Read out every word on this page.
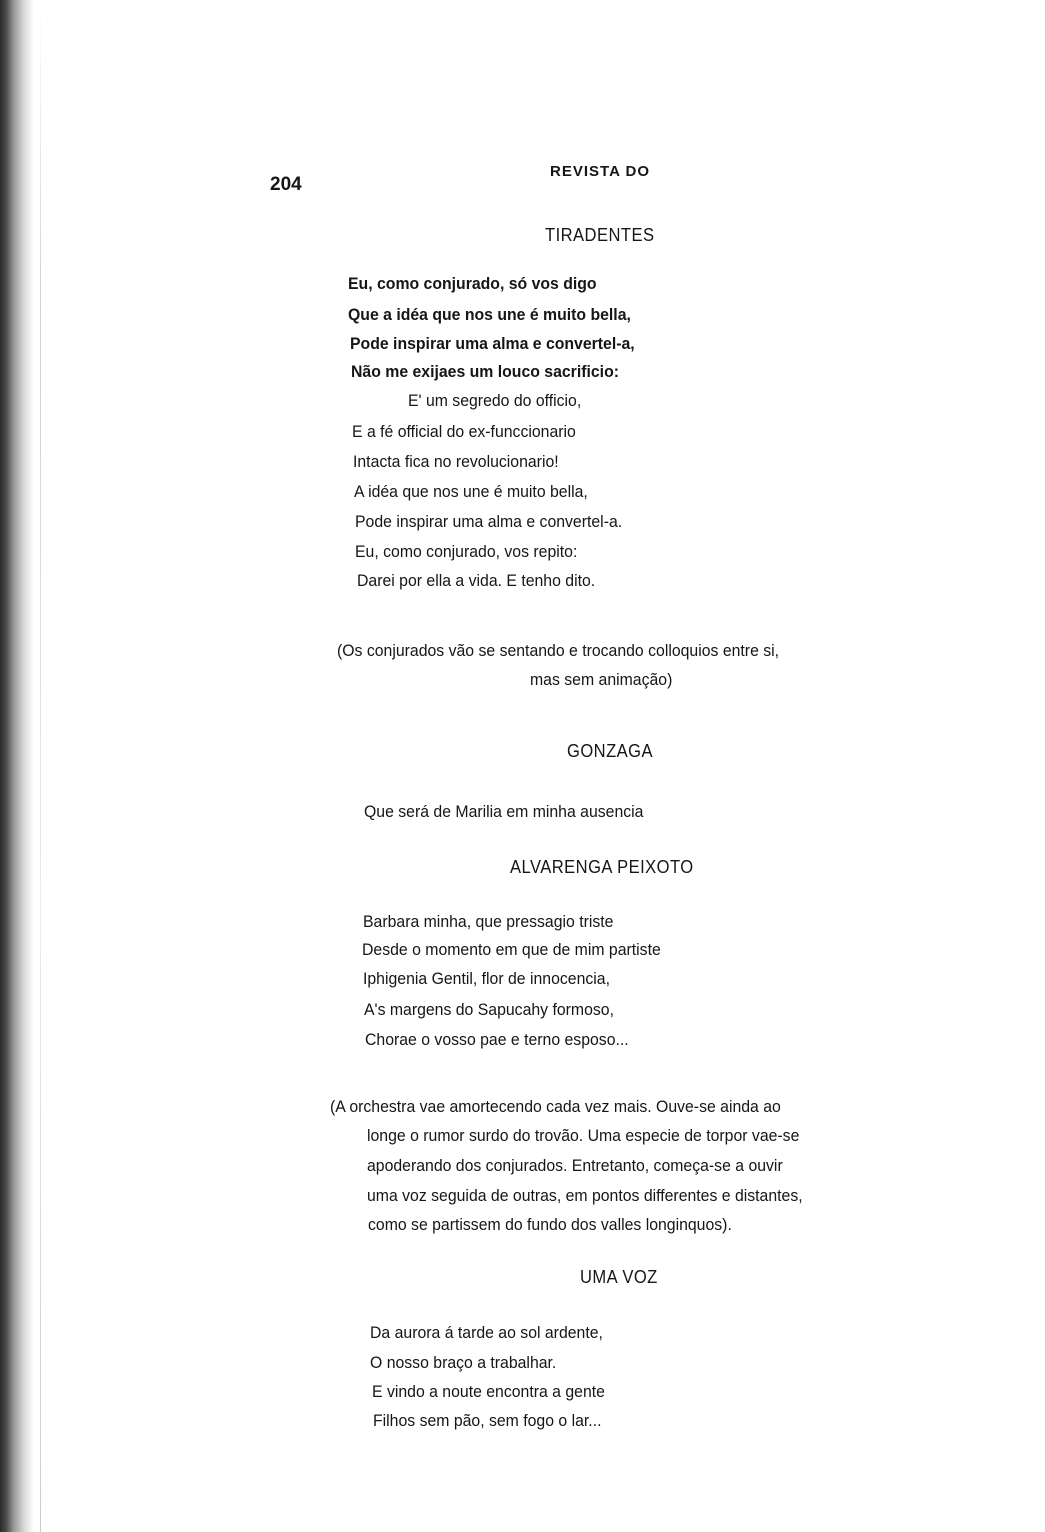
204
REVISTA DO
TIRADENTES
Eu, como conjurado, só vos digo
Que a idéa que nos une é muito bella,
Pode inspirar uma alma e convertel-a,
Não me exijaes um louco sacrificio:
E' um segredo do officio,
E a fé official do ex-funccionario
Intacta fica no revolucionario!
A idéa que nos une é muito bella,
Pode inspirar uma alma e convertel-a.
Eu, como conjurado, vos repito:
Darei por ella a vida. E tenho dito.
(Os conjurados vão se sentando e trocando colloquios entre si,
mas sem animação)
GONZAGA
Que será de Marilia em minha ausencia
ALVARENGA PEIXOTO
Barbara minha, que pressagio triste
Desde o momento em que de mim partiste
Iphigenia Gentil, flor de innocencia,
A's margens do Sapucahy formoso,
Chorae o vosso pae e terno esposo...
(A orchestra vae amortecendo cada vez mais. Ouve-se ainda ao
longe o rumor surdo do trovão. Uma especie de torpor vae-se
apoderando dos conjurados. Entretanto, começa-se a ouvir
uma voz seguida de outras, em pontos differentes e distantes,
como se partissem do fundo dos valles longinquos).
UMA VOZ
Da aurora á tarde ao sol ardente,
O nosso braço a trabalhar.
E vindo a noute encontra a gente
Filhos sem pão, sem fogo o lar...
